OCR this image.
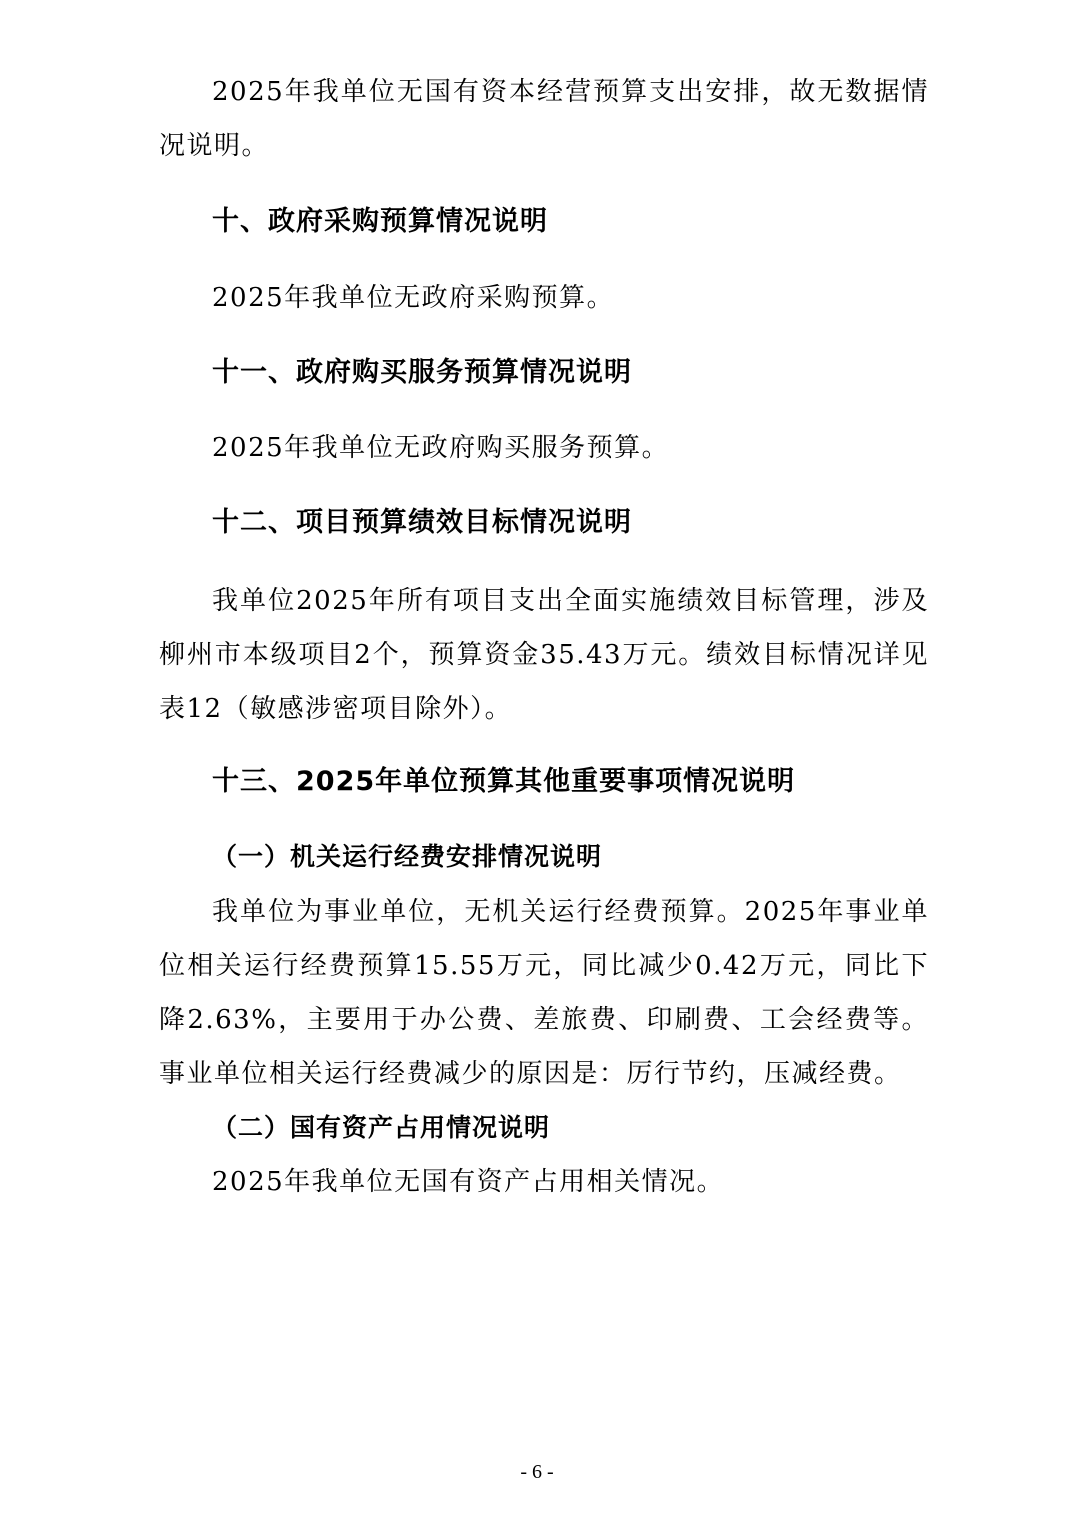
2025年我单位无国有资本经营预算支出安排，故无数据情况说明。

十、政府采购预算情况说明

2025年我单位无政府采购预算。

十一、政府购买服务预算情况说明

2025年我单位无政府购买服务预算。

十二、项目预算绩效目标情况说明

我单位2025年所有项目支出全面实施绩效目标管理，涉及柳州市本级项目2个，预算资金35.43万元。绩效目标情况详见表12（敏感涉密项目除外）。

十三、2025年单位预算其他重要事项情况说明
（一）机关运行经费安排情况说明

我单位为事业单位，无机关运行经费预算。2025年事业单位相关运行经费预算15.55万元，同比减少0.42万元，同比下降2.63%，主要用于办公费、差旅费、印刷费、工会经费等。事业单位相关运行经费减少的原因是：厉行节约，压减经费。

（二）国有资产占用情况说明

2025年我单位无国有资产占用相关情况。

- 6 -
